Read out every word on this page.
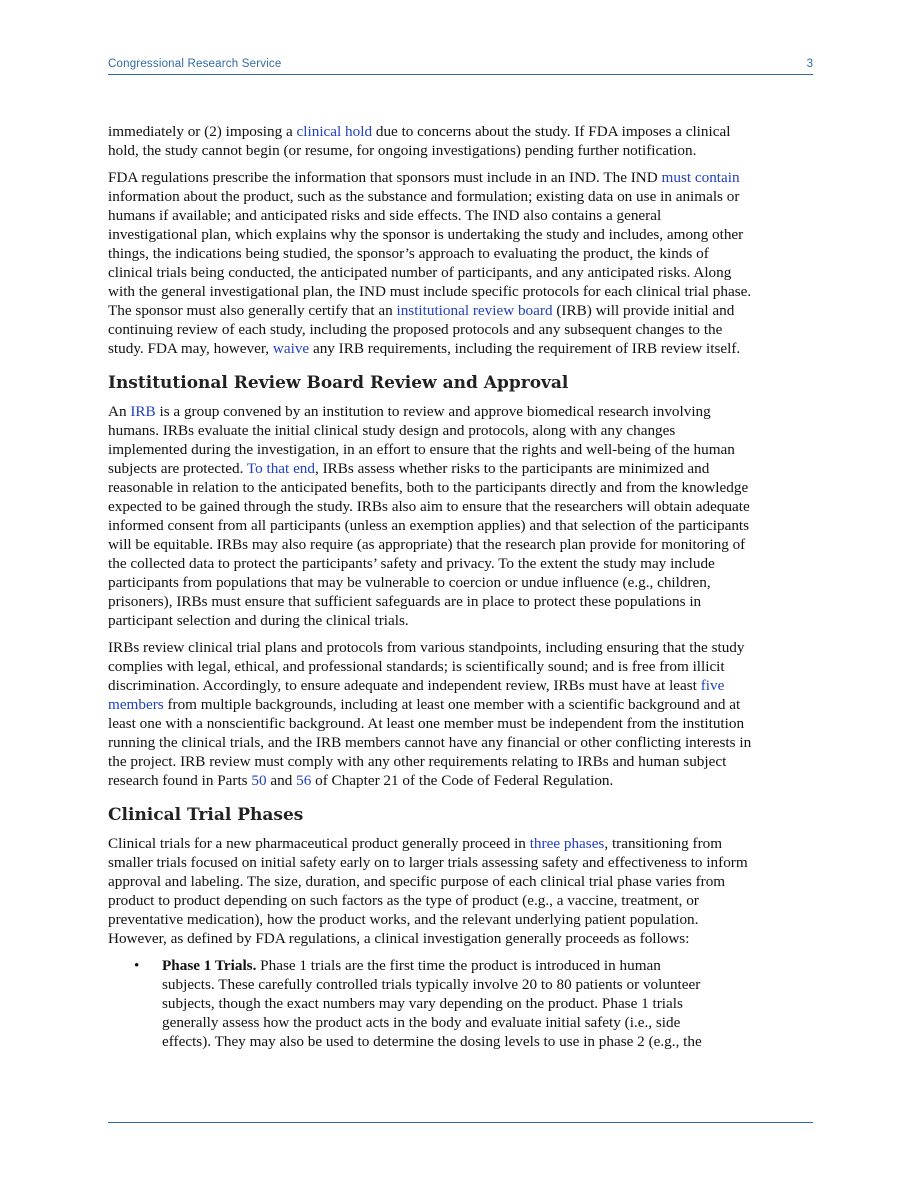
Congressional Research Service	3

immediately or (2) imposing a clinical hold due to concerns about the study. If FDA imposes a clinical
hold, the study cannot begin (or resume, for ongoing investigations) pending further notification.

FDA regulations prescribe the information that sponsors must include in an IND. The IND must contain
information about the product, such as the substance and formulation; existing data on use in animals or
humans if available; and anticipated risks and side effects. The IND also contains a general
investigational plan, which explains why the sponsor is undertaking the study and includes, among other
things, the indications being studied, the sponsor’s approach to evaluating the product, the kinds of
clinical trials being conducted, the anticipated number of participants, and any anticipated risks. Along
with the general investigational plan, the IND must include specific protocols for each clinical trial phase.
The sponsor must also generally certify that an institutional review board (IRB) will provide initial and
continuing review of each study, including the proposed protocols and any subsequent changes to the
study. FDA may, however, waive any IRB requirements, including the requirement of IRB review itself.

Institutional Review Board Review and Approval

An IRB is a group convened by an institution to review and approve biomedical research involving
humans. IRBs evaluate the initial clinical study design and protocols, along with any changes
implemented during the investigation, in an effort to ensure that the rights and well-being of the human
subjects are protected. To that end, IRBs assess whether risks to the participants are minimized and
reasonable in relation to the anticipated benefits, both to the participants directly and from the knowledge
expected to be gained through the study. IRBs also aim to ensure that the researchers will obtain adequate
informed consent from all participants (unless an exemption applies) and that selection of the participants
will be equitable. IRBs may also require (as appropriate) that the research plan provide for monitoring of
the collected data to protect the participants’ safety and privacy. To the extent the study may include
participants from populations that may be vulnerable to coercion or undue influence (e.g., children,
prisoners), IRBs must ensure that sufficient safeguards are in place to protect these populations in
participant selection and during the clinical trials.

IRBs review clinical trial plans and protocols from various standpoints, including ensuring that the study
complies with legal, ethical, and professional standards; is scientifically sound; and is free from illicit
discrimination. Accordingly, to ensure adequate and independent review, IRBs must have at least five
members from multiple backgrounds, including at least one member with a scientific background and at
least one with a nonscientific background. At least one member must be independent from the institution
running the clinical trials, and the IRB members cannot have any financial or other conflicting interests in
the project. IRB review must comply with any other requirements relating to IRBs and human subject
research found in Parts 50 and 56 of Chapter 21 of the Code of Federal Regulation.

Clinical Trial Phases

Clinical trials for a new pharmaceutical product generally proceed in three phases, transitioning from
smaller trials focused on initial safety early on to larger trials assessing safety and effectiveness to inform
approval and labeling. The size, duration, and specific purpose of each clinical trial phase varies from
product to product depending on such factors as the type of product (e.g., a vaccine, treatment, or
preventative medication), how the product works, and the relevant underlying patient population.
However, as defined by FDA regulations, a clinical investigation generally proceeds as follows:

• Phase 1 Trials. Phase 1 trials are the first time the product is introduced in human
subjects. These carefully controlled trials typically involve 20 to 80 patients or volunteer
subjects, though the exact numbers may vary depending on the product. Phase 1 trials
generally assess how the product acts in the body and evaluate initial safety (i.e., side
effects). They may also be used to determine the dosing levels to use in phase 2 (e.g., the
